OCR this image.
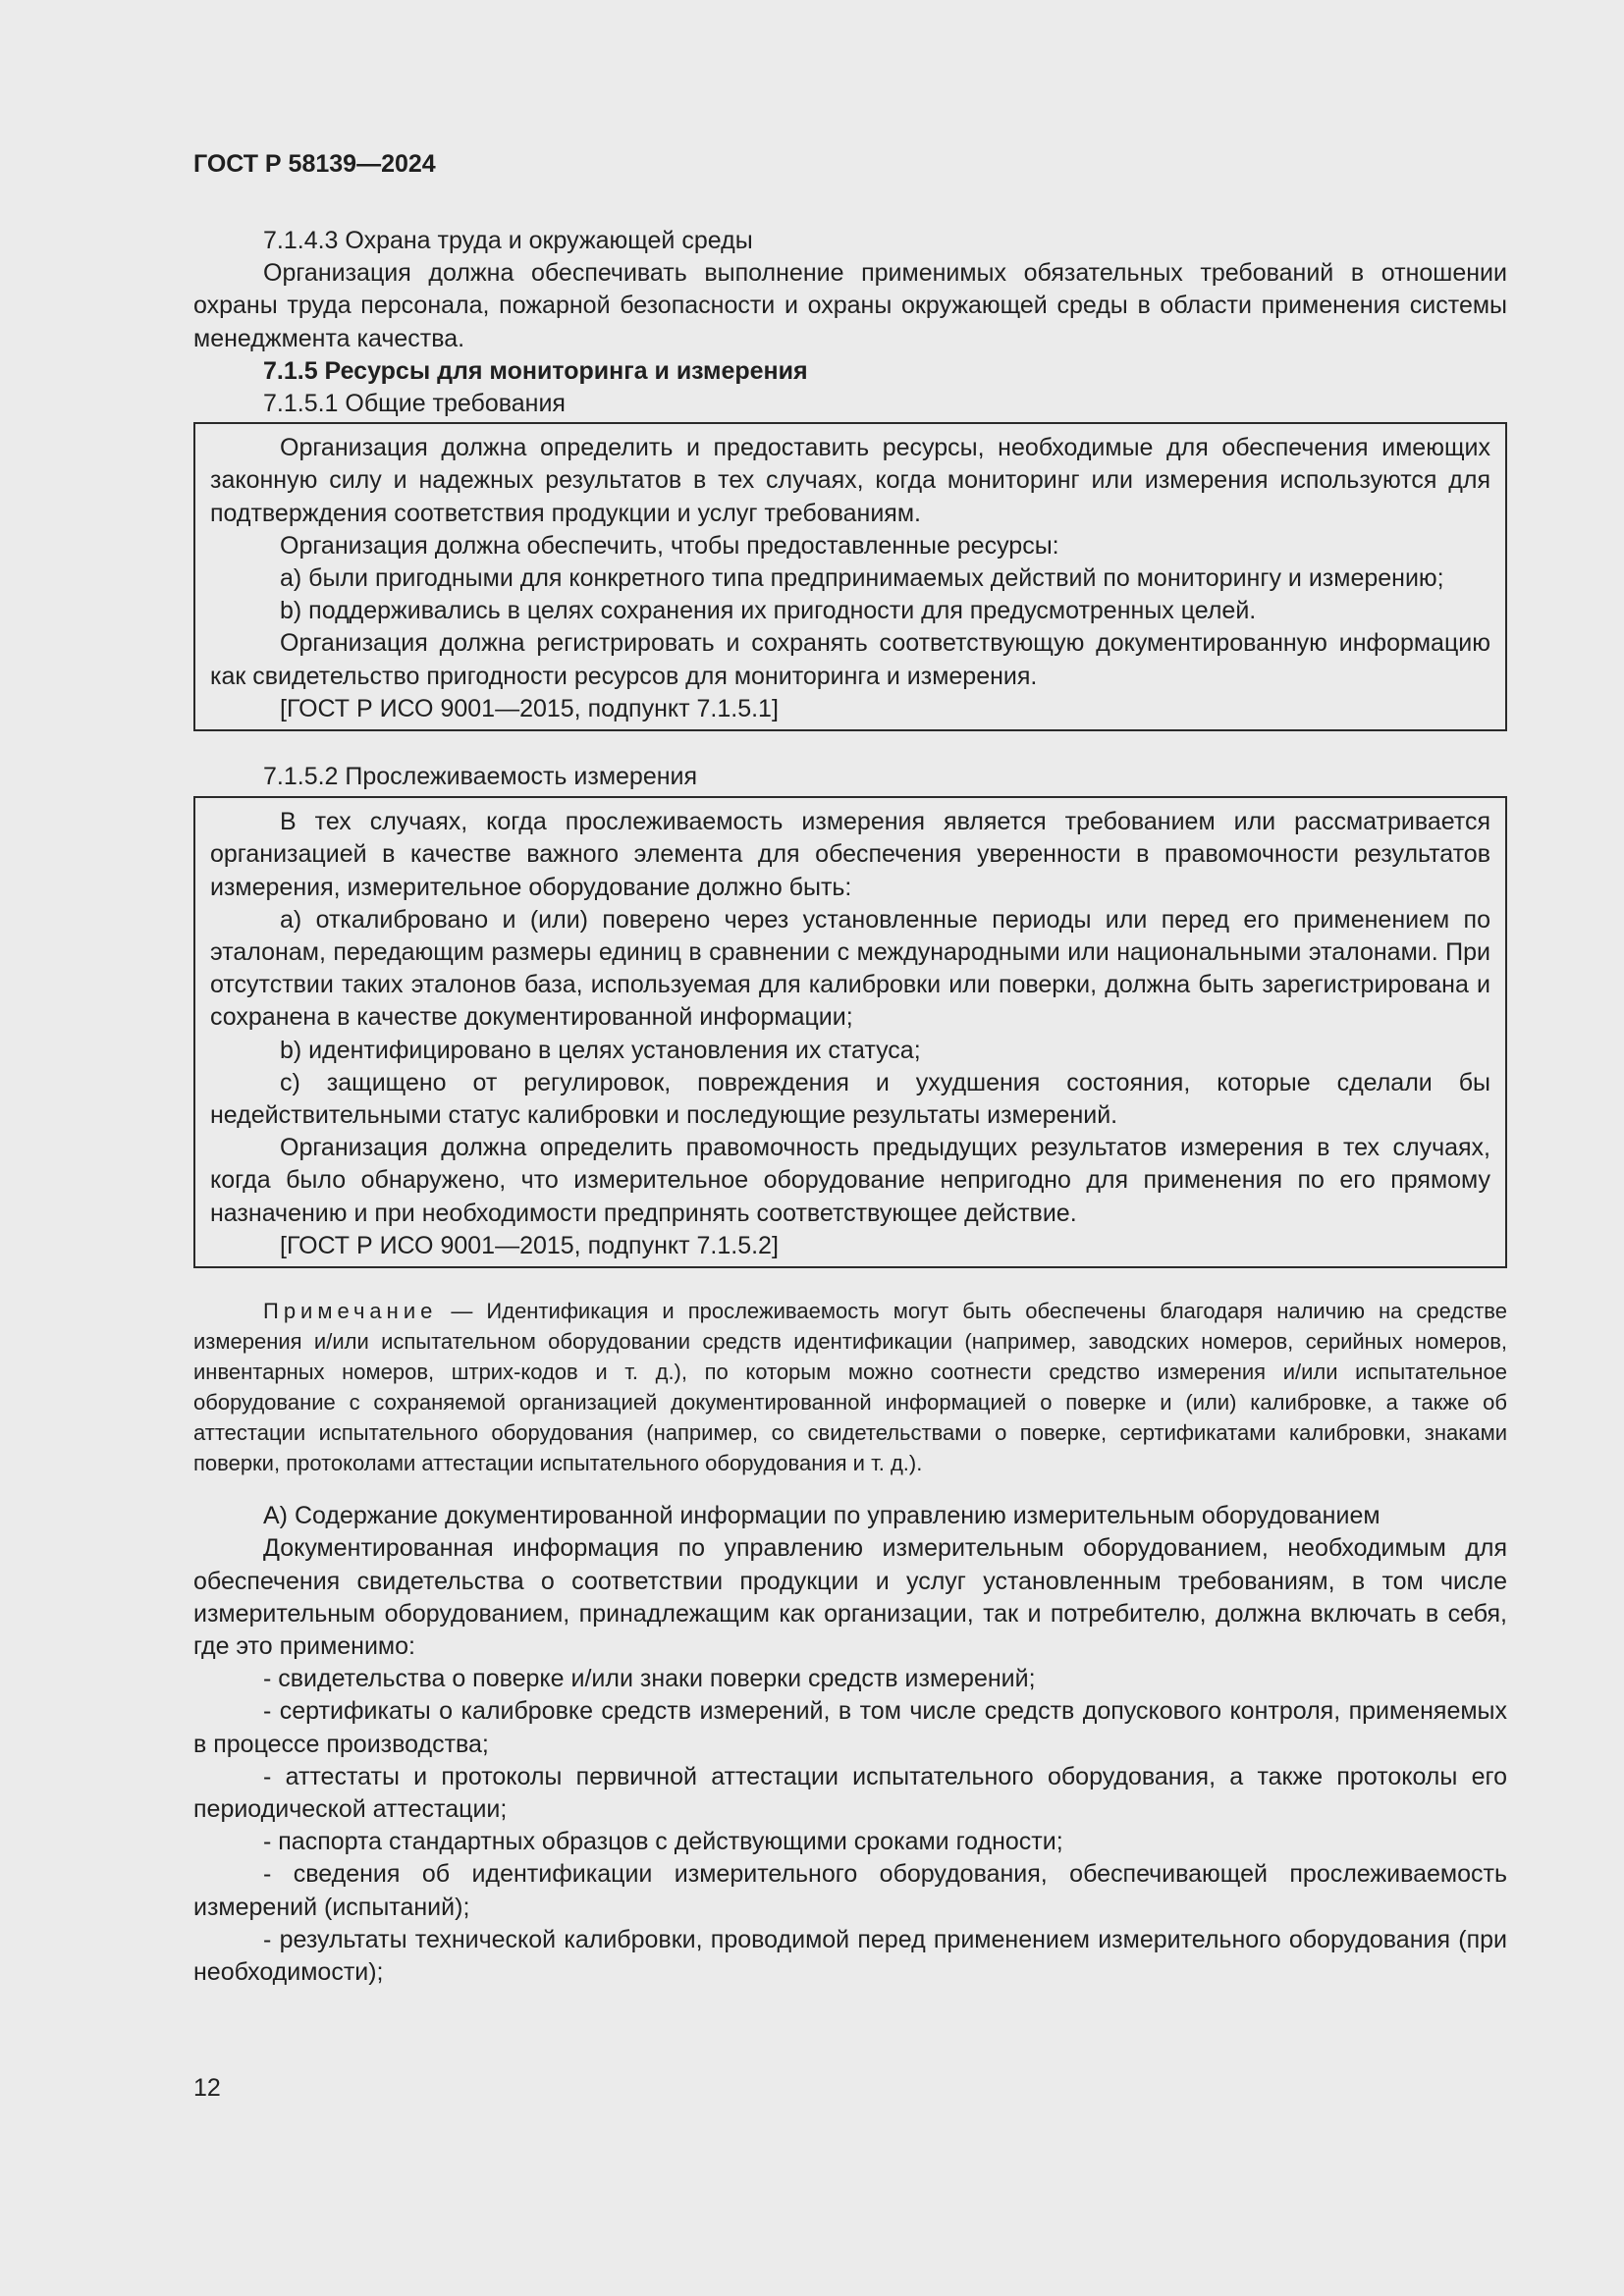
ГОСТ Р 58139—2024

7.1.4.3 Охрана труда и окружающей среды

Организация должна обеспечивать выполнение применимых обязательных требований в отношении охраны труда персонала, пожарной безопасности и охраны окружающей среды в области применения системы менеджмента качества.

7.1.5 Ресурсы для мониторинга и измерения

7.1.5.1 Общие требования

Организация должна определить и предоставить ресурсы, необходимые для обеспечения имеющих законную силу и надежных результатов в тех случаях, когда мониторинг или измерения используются для подтверждения соответствия продукции и услуг требованиям.

Организация должна обеспечить, чтобы предоставленные ресурсы:

a) были пригодными для конкретного типа предпринимаемых действий по мониторингу и измерению;

b) поддерживались в целях сохранения их пригодности для предусмотренных целей.

Организация должна регистрировать и сохранять соответствующую документированную информацию как свидетельство пригодности ресурсов для мониторинга и измерения.

[ГОСТ Р ИСО 9001—2015, подпункт 7.1.5.1]

7.1.5.2 Прослеживаемость измерения

В тех случаях, когда прослеживаемость измерения является требованием или рассматривается организацией в качестве важного элемента для обеспечения уверенности в правомочности результатов измерения, измерительное оборудование должно быть:

a) откалибровано и (или) поверено через установленные периоды или перед его применением по эталонам, передающим размеры единиц в сравнении с международными или национальными эталонами. При отсутствии таких эталонов база, используемая для калибровки или поверки, должна быть зарегистрирована и сохранена в качестве документированной информации;

b) идентифицировано в целях установления их статуса;

c) защищено от регулировок, повреждения и ухудшения состояния, которые сделали бы недействительными статус калибровки и последующие результаты измерений.

Организация должна определить правомочность предыдущих результатов измерения в тех случаях, когда было обнаружено, что измерительное оборудование непригодно для применения по его прямому назначению и при необходимости предпринять соответствующее действие.

[ГОСТ Р ИСО 9001—2015, подпункт 7.1.5.2]

Примечание — Идентификация и прослеживаемость могут быть обеспечены благодаря наличию на средстве измерения и/или испытательном оборудовании средств идентификации (например, заводских номеров, серийных номеров, инвентарных номеров, штрих-кодов и т. д.), по которым можно соотнести средство измерения и/или испытательное оборудование с сохраняемой организацией документированной информацией о поверке и (или) калибровке, а также об аттестации испытательного оборудования (например, со свидетельствами о поверке, сертификатами калибровки, знаками поверки, протоколами аттестации испытательного оборудования и т. д.).

А) Содержание документированной информации по управлению измерительным оборудованием

Документированная информация по управлению измерительным оборудованием, необходимым для обеспечения свидетельства о соответствии продукции и услуг установленным требованиям, в том числе измерительным оборудованием, принадлежащим как организации, так и потребителю, должна включать в себя, где это применимо:

- свидетельства о поверке и/или знаки поверки средств измерений;

- сертификаты о калибровке средств измерений, в том числе средств допускового контроля, применяемых в процессе производства;

- аттестаты и протоколы первичной аттестации испытательного оборудования, а также протоколы его периодической аттестации;

- паспорта стандартных образцов с действующими сроками годности;

- сведения об идентификации измерительного оборудования, обеспечивающей прослеживаемость измерений (испытаний);

- результаты технической калибровки, проводимой перед применением измерительного оборудования (при необходимости);

12
